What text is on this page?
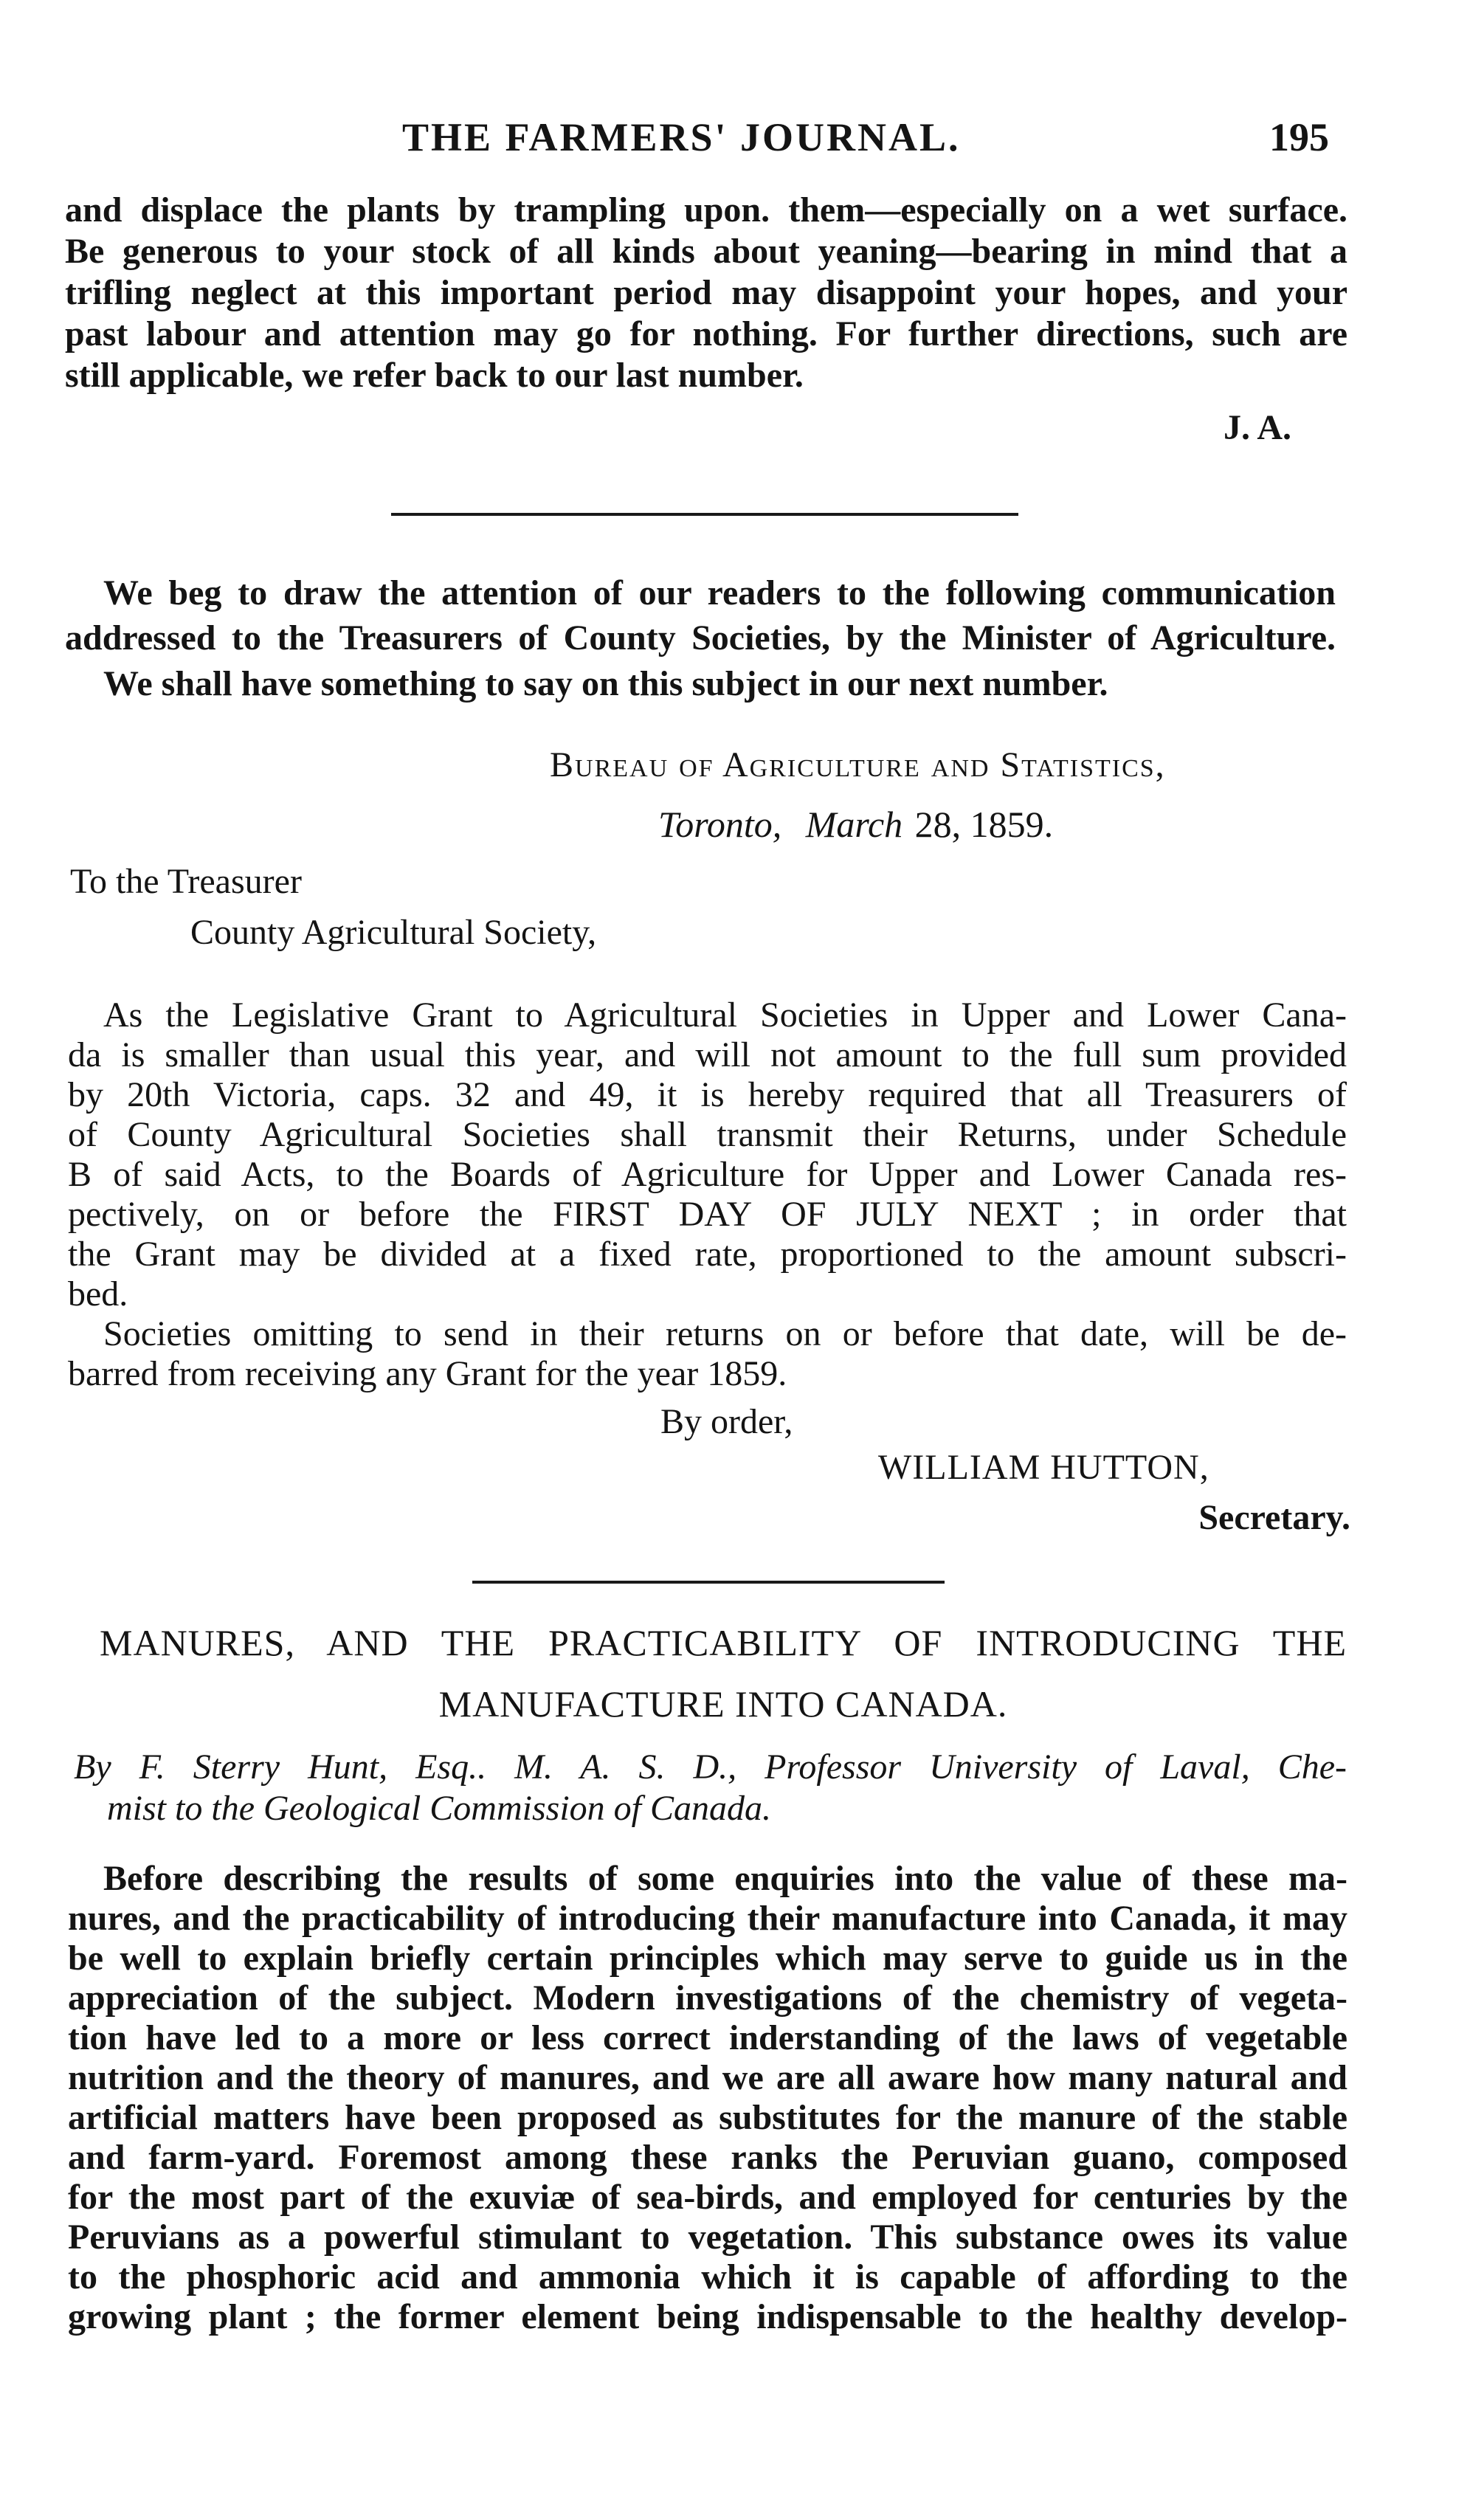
THE FARMERS' JOURNAL.	195
and displace the plants by trampling upon. them—especially on a wet surface.
Be generous to your stock of all kinds about yeaning—bearing in mind that a
trifling neglect at this important period may disappoint your hopes, and your
past labour and attention may go for nothing. For further directions, such are
still applicable, we refer back to our last number.
J. A.
We beg to draw the attention of our readers to the following communication
addressed to the Treasurers of County Societies, by the Minister of Agriculture.
We shall have something to say on this subject in our next number.
Bureau of Agriculture and Statistics,
Toronto, March 28, 1859.
To the Treasurer
County Agricultural Society,
As the Legislative Grant to Agricultural Societies in Upper and Lower Cana-
da is smaller than usual this year, and will not amount to the full sum provided
by 20th Victoria, caps. 32 and 49, it is hereby required that all Treasurers of
of County Agricultural Societies shall transmit their Returns, under Schedule
B of said Acts, to the Boards of Agriculture for Upper and Lower Canada res-
pectively, on or before the FIRST DAY OF JULY NEXT ; in order that
the Grant may be divided at a fixed rate, proportioned to the amount subscri-
bed.
Societies omitting to send in their returns on or before that date, will be de-
barred from receiving any Grant for the year 1859.
By order,
WILLIAM HUTTON,
Secretary.
MANURES, AND THE PRACTICABILITY OF INTRODUCING THE
MANUFACTURE INTO CANADA.
By F. Sterry Hunt, Esq.. M. A. S. D., Professor University of Laval, Che-
mist to the Geological Commission of Canada.
Before describing the results of some enquiries into the value of these ma-
nures, and the practicability of introducing their manufacture into Canada, it may
be well to explain briefly certain principles which may serve to guide us in the
appreciation of the subject. Modern investigations of the chemistry of vegeta-
tion have led to a more or less correct inderstanding of the laws of vegetable
nutrition and the theory of manures, and we are all aware how many natural and
artificial matters have been proposed as substitutes for the manure of the stable
and farm-yard. Foremost among these ranks the Peruvian guano, composed
for the most part of the exuviæ of sea-birds, and employed for centuries by the
Peruvians as a powerful stimulant to vegetation. This substance owes its value
to the phosphoric acid and ammonia which it is capable of affording to the
growing plant ; the former element being indispensable to the healthy develop-
